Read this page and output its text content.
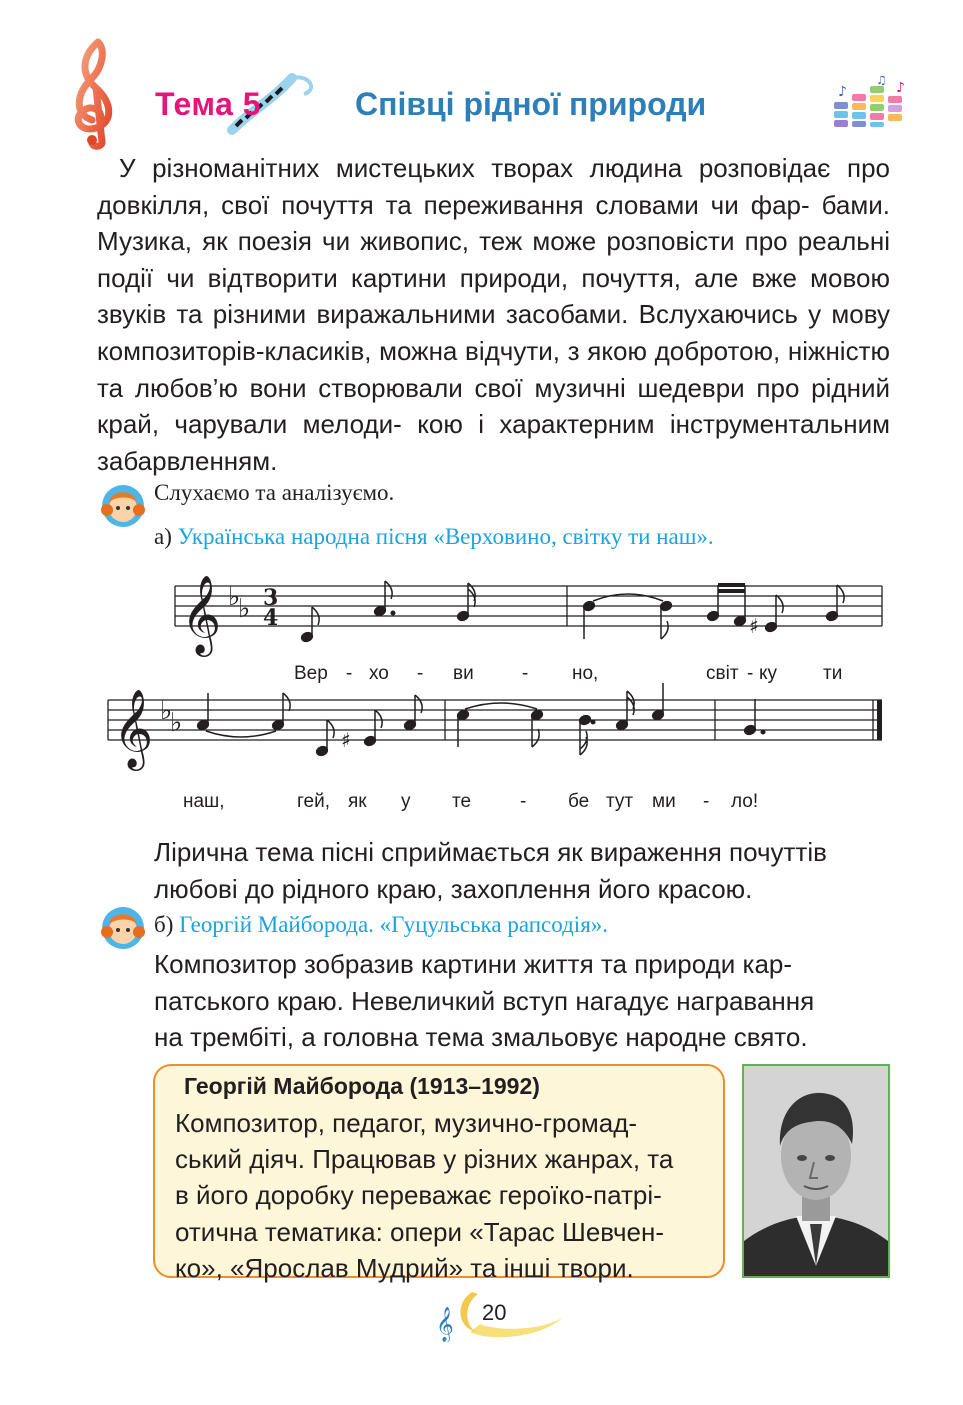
Тема 5	Співці рідної природи	♪
♫ ♪

У різноманітних мистецьких творах людина розповідає про довкілля, свої почуття та переживання словами чи фар- бами. Музика, як поезія чи живопис, теж може розповісти про реальні події чи відтворити картини природи, почуття, але вже мовою звуків та різними виражальними засобами. Вслухаючись у мову композиторів-класиків, можна відчути, з якою добротою, ніжністю та любов’ю вони створювали свої музичні шедеври про рідний край, чарували мелоди- кою і характерним інструментальним забарвленням.

Слухаємо та аналізуємо.
а) Українська народна пісня «Верховино, світку ти наш».
𝄞
𝄞
♭
♭
♭
♭
3
4	♯
♯
Вер - хо - ви	- но,	світ - ку ти
наш,	гей, як у те	- бе тут ми - ло!
Лірична тема пісні сприймається як вираження почуттів
любові до рідного краю, захоплення його красою.
б) Георгій Майборода. «Гуцульська рапсодія».
Композитор зобразив картини життя та природи кар-
патського краю. Невеличкий вступ нагадує награвання
на трембіті, а головна тема змальовує народне свято.
Георгій Майборода (1913–1992)
Композитор, педагог, музично-громад-
ський діяч. Працював у різних жанрах, та
в його доробку переважає героїко-патрі-
отична тематика: опери «Тарас Шевчен-
ко», «Ярослав Мудрий» та інші твори.
𝄞 20
